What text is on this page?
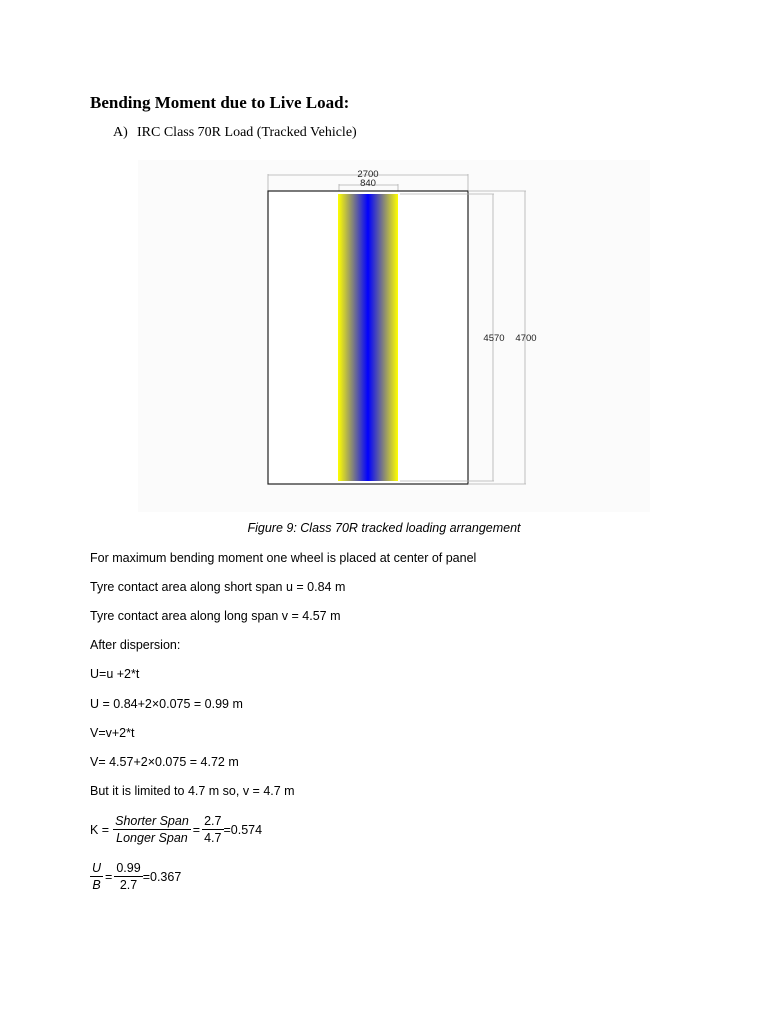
Bending Moment due to Live Load:
A) IRC Class 70R Load (Tracked Vehicle)
2700
840
4570 4700
Figure 9: Class 70R tracked loading arrangement
For maximum bending moment one wheel is placed at center of panel
Tyre contact area along short span u = 0.84 m
Tyre contact area along long span v = 4.57 m
After dispersion:
U=u +2*t
U = 0.84+2×0.075 = 0.99 m
V=v+2*t
V= 4.57+2×0.075 = 4.72 m
But it is limited to 4.7 m so, v = 4.7 m
$K = \frac{\text{Shorter Span}}{\text{Longer Span}} = \frac{2.7}{4.7} =0.574$
$\frac{U}{B} = \frac{0.99}{2.7} =0.367$
